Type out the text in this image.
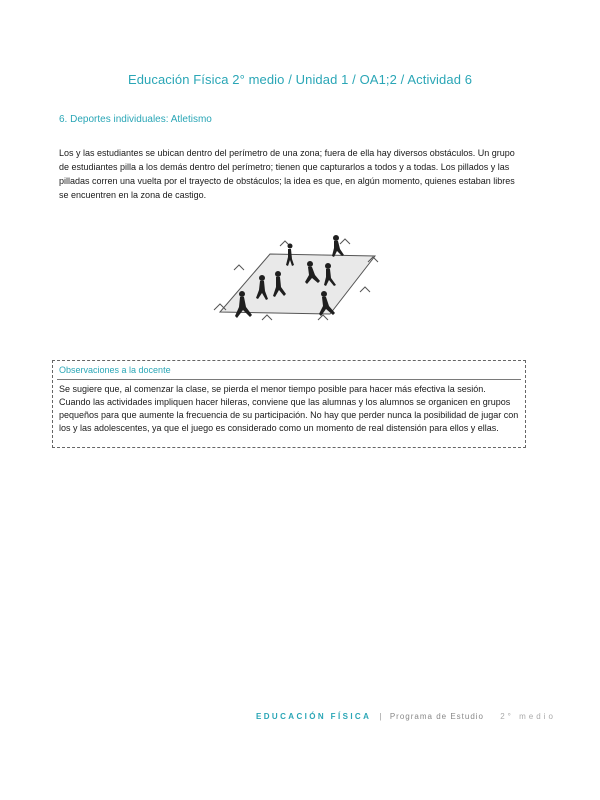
Educación Física 2° medio / Unidad 1 / OA1;2 / Actividad 6
6. Deportes individuales: Atletismo
Los y las estudiantes se ubican dentro del perímetro de una zona; fuera de ella hay diversos obstáculos. Un grupo de estudiantes pilla a los demás dentro del perímetro; tienen que capturarlos a todos y a todas. Los pillados y las pilladas corren una vuelta por el trayecto de obstáculos; la idea es que, en algún momento, quienes estaban libres se encuentren en la zona de castigo.
Observaciones a la docente
Se sugiere que, al comenzar la clase, se pierda el menor tiempo posible para hacer más efectiva la sesión. Cuando las actividades impliquen hacer hileras, conviene que las alumnas y los alumnos se organicen en grupos pequeños para que aumente la frecuencia de su participación. No hay que perder nunca la posibilidad de jugar con los y las adolescentes, ya que el juego es considerado como un momento de real distensión para ellos y ellas.
EDUCACIÓN FÍSICA | Programa de Estudio 2° medio
